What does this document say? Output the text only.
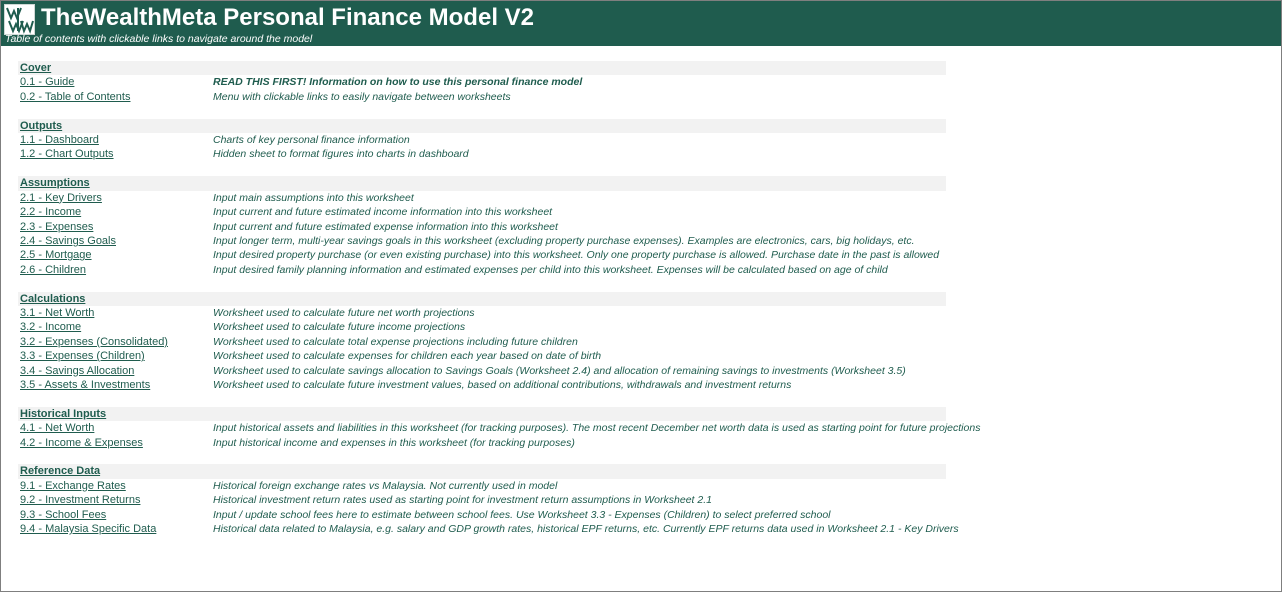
TheWealthMeta Personal Finance Model V2
Table of contents with clickable links to navigate around the model
Cover
0.1 - Guide	READ THIS FIRST! Information on how to use this personal finance model
0.2 - Table of Contents	Menu with clickable links to easily navigate between worksheets
Outputs
1.1 - Dashboard	Charts of key personal finance information
1.2 - Chart Outputs	Hidden sheet to format figures into charts in dashboard
Assumptions
2.1 - Key Drivers	Input main assumptions into this worksheet
2.2 - Income	Input current and future estimated income information into this worksheet
2.3 - Expenses	Input current and future estimated expense information into this worksheet
2.4 - Savings Goals	Input longer term, multi-year savings goals in this worksheet (excluding property purchase expenses). Examples are electronics, cars, big holidays, etc.
2.5 - Mortgage	Input desired property purchase (or even existing purchase) into this worksheet. Only one property purchase is allowed. Purchase date in the past is allowed
2.6 - Children	Input desired family planning information and estimated expenses per child into this worksheet. Expenses will be calculated based on age of child
Calculations
3.1 - Net Worth	Worksheet used to calculate future net worth projections
3.2 - Income	Worksheet used to calculate future income projections
3.2 - Expenses (Consolidated)	Worksheet used to calculate total expense projections including future children
3.3 - Expenses (Children)	Worksheet used to calculate expenses for children each year based on date of birth
3.4 - Savings Allocation	Worksheet used to calculate savings allocation to Savings Goals (Worksheet 2.4) and allocation of remaining savings to investments (Worksheet 3.5)
3.5 - Assets & Investments	Worksheet used to calculate future investment values, based on additional contributions, withdrawals and investment returns
Historical Inputs
4.1 - Net Worth	Input historical assets and liabilities in this worksheet (for tracking purposes). The most recent December net worth data is used as starting point for future projections
4.2 - Income & Expenses	Input historical income and expenses in this worksheet (for tracking purposes)
Reference Data
9.1 - Exchange Rates	Historical foreign exchange rates vs Malaysia. Not currently used in model
9.2 - Investment Returns	Historical investment return rates used as starting point for investment return assumptions in Worksheet 2.1
9.3 - School Fees	Input / update school fees here to estimate between school fees. Use Worksheet 3.3 - Expenses (Children) to select preferred school
9.4 - Malaysia Specific Data	Historical data related to Malaysia, e.g. salary and GDP growth rates, historical EPF returns, etc. Currently EPF returns data used in Worksheet 2.1 - Key Drivers
